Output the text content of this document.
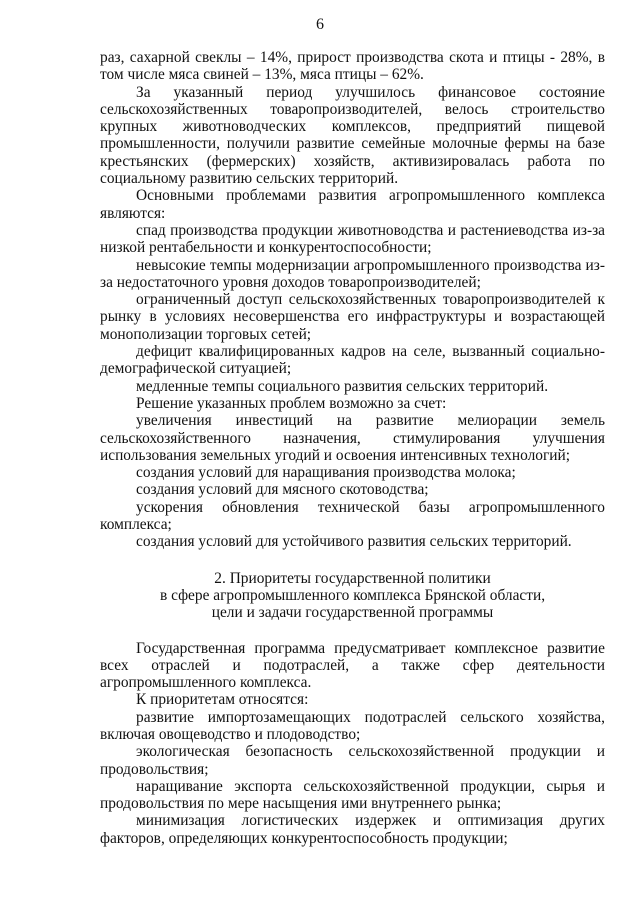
6

раз, сахарной свеклы – 14%, прирост производства скота и птицы - 28%, в том числе мяса свиней – 13%, мяса птицы – 62%.

За указанный период улучшилось финансовое состояние сельскохозяйственных товаропроизводителей, велось строительство крупных животноводческих комплексов, предприятий пищевой промышленности, получили развитие семейные молочные фермы на базе крестьянских (фермерских) хозяйств, активизировалась работа по социальному развитию сельских территорий.

Основными проблемами развития агропромышленного комплекса являются:

спад производства продукции животноводства и растениеводства из-за низкой рентабельности и конкурентоспособности;

невысокие темпы модернизации агропромышленного производства из-за недостаточного уровня доходов товаропроизводителей;

ограниченный доступ сельскохозяйственных товаропроизводителей к рынку в условиях несовершенства его инфраструктуры и возрастающей монополизации торговых сетей;

дефицит квалифицированных кадров на селе, вызванный социально-демографической ситуацией;

медленные темпы социального развития сельских территорий.

Решение указанных проблем возможно за счет:

увеличения инвестиций на развитие мелиорации земель сельскохозяйственного назначения, стимулирования улучшения использования земельных угодий и освоения интенсивных технологий;

создания условий для наращивания производства молока;

создания условий для мясного скотоводства;

ускорения обновления технической базы агропромышленного комплекса;

создания условий для устойчивого развития сельских территорий.

2. Приоритеты государственной политики
в сфере агропромышленного комплекса Брянской области,
цели и задачи государственной программы

Государственная программа предусматривает комплексное развитие всех отраслей и подотраслей, а также сфер деятельности агропромышленного комплекса.

К приоритетам относятся:

развитие импортозамещающих подотраслей сельского хозяйства, включая овощеводство и плодоводство;

экологическая безопасность сельскохозяйственной продукции и продовольствия;

наращивание экспорта сельскохозяйственной продукции, сырья и продовольствия по мере насыщения ими внутреннего рынка;

минимизация логистических издержек и оптимизация других факторов, определяющих конкурентоспособность продукции;
